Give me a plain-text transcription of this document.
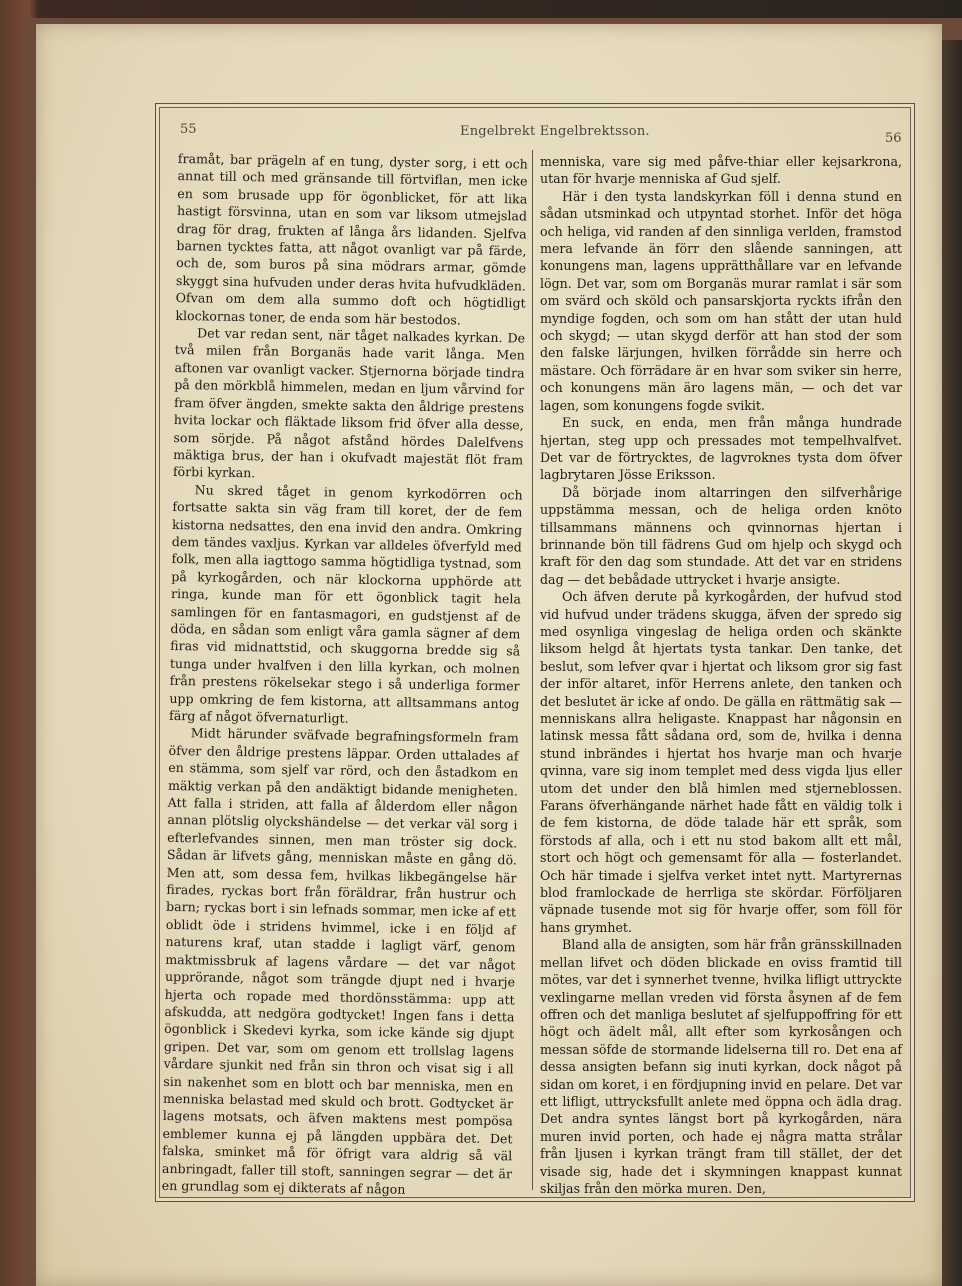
55	Engelbrekt Engelbrektsson.	56

framåt, bar prägeln af en tung, dyster sorg, i ett och annat till och med gränsande till förtviflan, men icke en som brusade upp för ögonblicket, för att lika hastigt försvinna, utan en som var liksom utmejslad drag för drag, frukten af långa års lidanden. Sjelfva barnen tycktes fatta, att något ovanligt var på färde, och de, som buros på sina mödrars armar, gömde skyggt sina hufvuden under deras hvita hufvudkläden. Ofvan om dem alla summo doft och högtidligt klockornas toner, de enda som här bestodos.

Det var redan sent, när tåget nalkades kyrkan. De två milen från Borganäs hade varit långa. Men aftonen var ovanligt vacker. Stjernorna började tindra på den mörkblå himmelen, medan en ljum vårvind for fram öfver ängden, smekte sakta den åldrige prestens hvita lockar och fläktade liksom frid öfver alla desse, som sörjde. På något afstånd hördes Dalelfvens mäktiga brus, der han i okufvadt majestät flöt fram förbi kyrkan.

Nu skred tåget in genom kyrkodörren och fortsatte sakta sin väg fram till koret, der de fem kistorna nedsattes, den ena invid den andra. Omkring dem tändes vaxljus. Kyrkan var alldeles öfverfyld med folk, men alla iagttogo samma högtidliga tystnad, som på kyrkogården, och när klockorna upphörde att ringa, kunde man för ett ögonblick tagit hela samlingen för en fantasmagori, en gudstjenst af de döda, en sådan som enligt våra gamla sägner af dem firas vid midnattstid, och skuggorna bredde sig så tunga under hvalfven i den lilla kyrkan, och molnen från prestens rökelsekar stego i så underliga former upp omkring de fem kistorna, att alltsammans antog färg af något öfvernaturligt.

Midt härunder sväfvade begrafningsformeln fram öfver den åldrige prestens läppar. Orden uttalades af en stämma, som sjelf var rörd, och den åstadkom en mäktig verkan på den andäktigt bidande menigheten. Att falla i striden, att falla af ålderdom eller någon annan plötslig olyckshändelse — det verkar väl sorg i efterlefvandes sinnen, men man tröster sig dock. Sådan är lifvets gång, menniskan måste en gång dö. Men att, som dessa fem, hvilkas likbegängelse här firades, ryckas bort från föräldrar, från hustrur och barn; ryckas bort i sin lefnads sommar, men icke af ett oblidt öde i stridens hvimmel, icke i en följd af naturens kraf, utan stadde i lagligt värf, genom maktmissbruk af lagens vårdare — det var något upprörande, något som trängde djupt ned i hvarje hjerta och ropade med thordönsstämma: upp att afskudda, att nedgöra godtycket! Ingen fans i detta ögonblick i Skedevi kyrka, som icke kände sig djupt gripen. Det var, som om genom ett trollslag lagens vårdare sjunkit ned från sin thron och visat sig i all sin nakenhet som en blott och bar menniska, men en menniska belastad med skuld och brott. Godtycket är lagens motsats, och äfven maktens mest pompösa emblemer kunna ej på längden uppbära det. Det falska, sminket må för öfrigt vara aldrig så väl anbringadt, faller till stoft, sanningen segrar — det är en grundlag som ej dikterats af någon

menniska, vare sig med påfve-thiar eller kejsarkrona, utan för hvarje menniska af Gud sjelf.

Här i den tysta landskyrkan föll i denna stund en sådan utsminkad och utpyntad storhet. Inför det höga och heliga, vid randen af den sinnliga verlden, framstod mera lefvande än förr den slående sanningen, att konungens man, lagens upprätthållare var en lefvande lögn. Det var, som om Borganäs murar ramlat i sär som om svärd och sköld och pansarskjorta ryckts ifrån den myndige fogden, och som om han stått der utan huld och skygd; — utan skygd derför att han stod der som den falske lärjungen, hvilken förrådde sin herre och mästare. Och förrädare är en hvar som sviker sin herre, och konungens män äro lagens män, — och det var lagen, som konungens fogde svikit.

En suck, en enda, men från många hundrade hjertan, steg upp och pressades mot tempelhvalfvet. Det var de förtrycktes, de lagvroknes tysta dom öfver lagbrytaren Jösse Eriksson.

Då började inom altarringen den silfverhårige uppstämma messan, och de heliga orden knöto tillsammans männens och qvinnornas hjertan i brinnande bön till fädrens Gud om hjelp och skygd och kraft för den dag som stundade. Att det var en stridens dag — det bebådade uttrycket i hvarje ansigte.

Och äfven derute på kyrkogården, der hufvud stod vid hufvud under trädens skugga, äfven der spredo sig med osynliga vingeslag de heliga orden och skänkte liksom helgd åt hjertats tysta tankar. Den tanke, det beslut, som lefver qvar i hjertat och liksom gror sig fast der inför altaret, inför Herrens anlete, den tanken och det beslutet är icke af ondo. De gälla en rättmätig sak — menniskans allra heligaste. Knappast har någonsin en latinsk messa fått sådana ord, som de, hvilka i denna stund inbrändes i hjertat hos hvarje man och hvarje qvinna, vare sig inom templet med dess vigda ljus eller utom det under den blå himlen med stjerneblossen. Farans öfverhängande närhet hade fått en väldig tolk i de fem kistorna, de döde talade här ett språk, som förstods af alla, och i ett nu stod bakom allt ett mål, stort och högt och gemensamt för alla — fosterlandet. Och här timade i sjelfva verket intet nytt. Martyrernas blod framlockade de herrliga ste skördar. Förföljaren väpnade tusende mot sig för hvarje offer, som föll för hans grymhet.

Bland alla de ansigten, som här från gränsskillnaden mellan lifvet och döden blickade en oviss framtid till mötes, var det i synnerhet tvenne, hvilka lifligt uttryckte vexlingarne mellan vreden vid första åsynen af de fem offren och det manliga beslutet af sjelfuppoffring för ett högt och ädelt mål, allt efter som kyrkosången och messan söfde de stormande lidelserna till ro. Det ena af dessa ansigten befann sig inuti kyrkan, dock något på sidan om koret, i en fördjupning invid en pelare. Det var ett lifligt, uttrycksfullt anlete med öppna och ädla drag. Det andra syntes längst bort på kyrkogården, nära muren invid porten, och hade ej några matta strålar från ljusen i kyrkan trängt fram till stället, der det visade sig, hade det i skymningen knappast kunnat skiljas från den mörka muren. Den,
